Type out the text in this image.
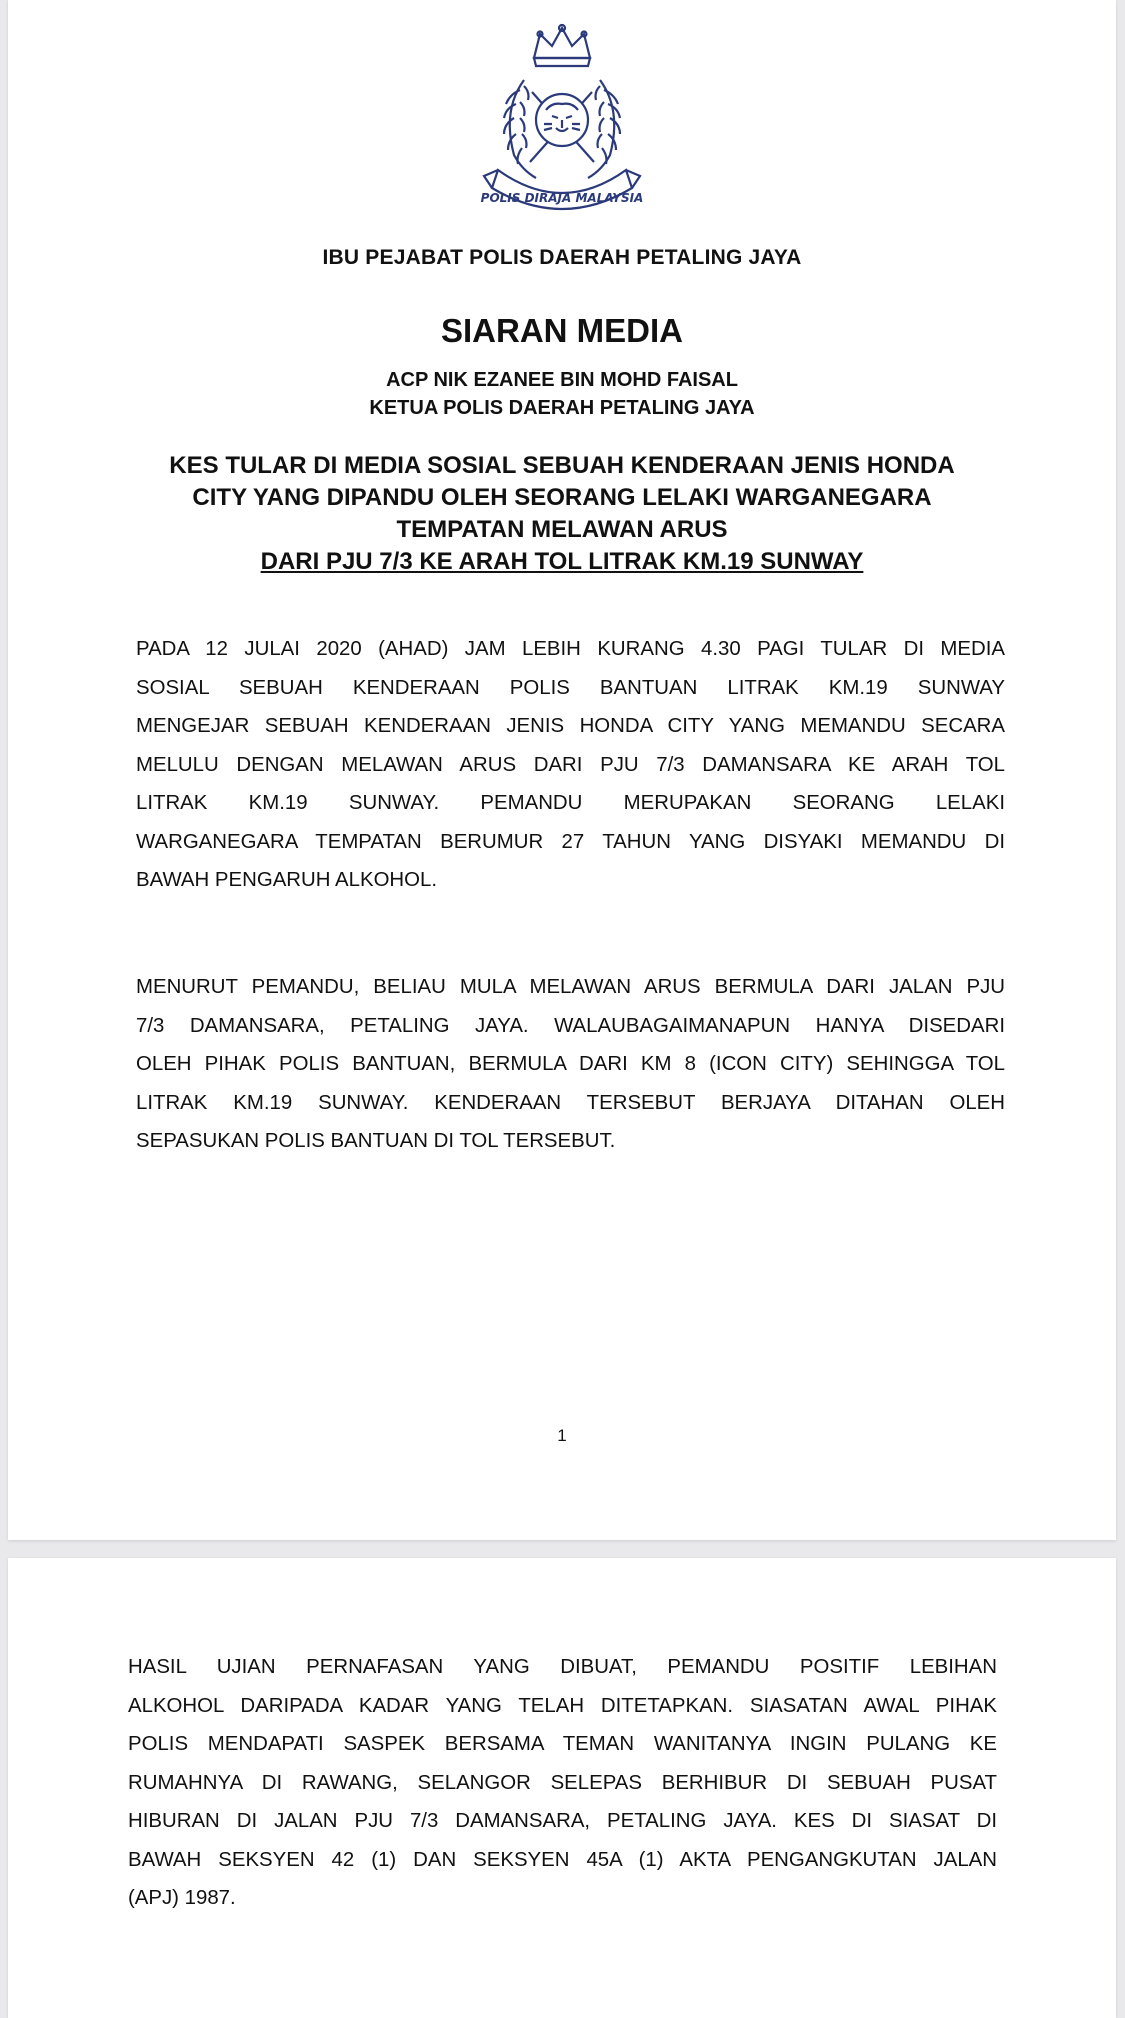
POLIS DIRAJA MALAYSIA
IBU PEJABAT POLIS DAERAH PETALING JAYA
SIARAN MEDIA
ACP NIK EZANEE BIN MOHD FAISAL
KETUA POLIS DAERAH PETALING JAYA
KES TULAR DI MEDIA SOSIAL SEBUAH KENDERAAN JENIS HONDA
CITY YANG DIPANDU OLEH SEORANG LELAKI WARGANEGARA
TEMPATAN MELAWAN ARUS
DARI PJU 7/3 KE ARAH TOL LITRAK KM.19 SUNWAY

PADA 12 JULAI 2020 (AHAD) JAM LEBIH KURANG 4.30 PAGI TULAR DI MEDIA
SOSIAL SEBUAH KENDERAAN POLIS BANTUAN LITRAK KM.19 SUNWAY
MENGEJAR SEBUAH KENDERAAN JENIS HONDA CITY YANG MEMANDU SECARA
MELULU DENGAN MELAWAN ARUS DARI PJU 7/3 DAMANSARA KE ARAH TOL
LITRAK KM.19 SUNWAY. PEMANDU MERUPAKAN SEORANG LELAKI
WARGANEGARA TEMPATAN BERUMUR 27 TAHUN YANG DISYAKI MEMANDU DI
BAWAH PENGARUH ALKOHOL.

MENURUT PEMANDU, BELIAU MULA MELAWAN ARUS BERMULA DARI JALAN PJU
7/3 DAMANSARA, PETALING JAYA. WALAUBAGAIMANAPUN HANYA DISEDARI
OLEH PIHAK POLIS BANTUAN, BERMULA DARI KM 8 (ICON CITY) SEHINGGA TOL
LITRAK KM.19 SUNWAY. KENDERAAN TERSEBUT BERJAYA DITAHAN OLEH
SEPASUKAN POLIS BANTUAN DI TOL TERSEBUT.

1

HASIL UJIAN PERNAFASAN YANG DIBUAT, PEMANDU POSITIF LEBIHAN
ALKOHOL DARIPADA KADAR YANG TELAH DITETAPKAN. SIASATAN AWAL PIHAK
POLIS MENDAPATI SASPEK BERSAMA TEMAN WANITANYA INGIN PULANG KE
RUMAHNYA DI RAWANG, SELANGOR SELEPAS BERHIBUR DI SEBUAH PUSAT
HIBURAN DI JALAN PJU 7/3 DAMANSARA, PETALING JAYA. KES DI SIASAT DI
BAWAH SEKSYEN 42 (1) DAN SEKSYEN 45A (1) AKTA PENGANGKUTAN JALAN
(APJ) 1987.
